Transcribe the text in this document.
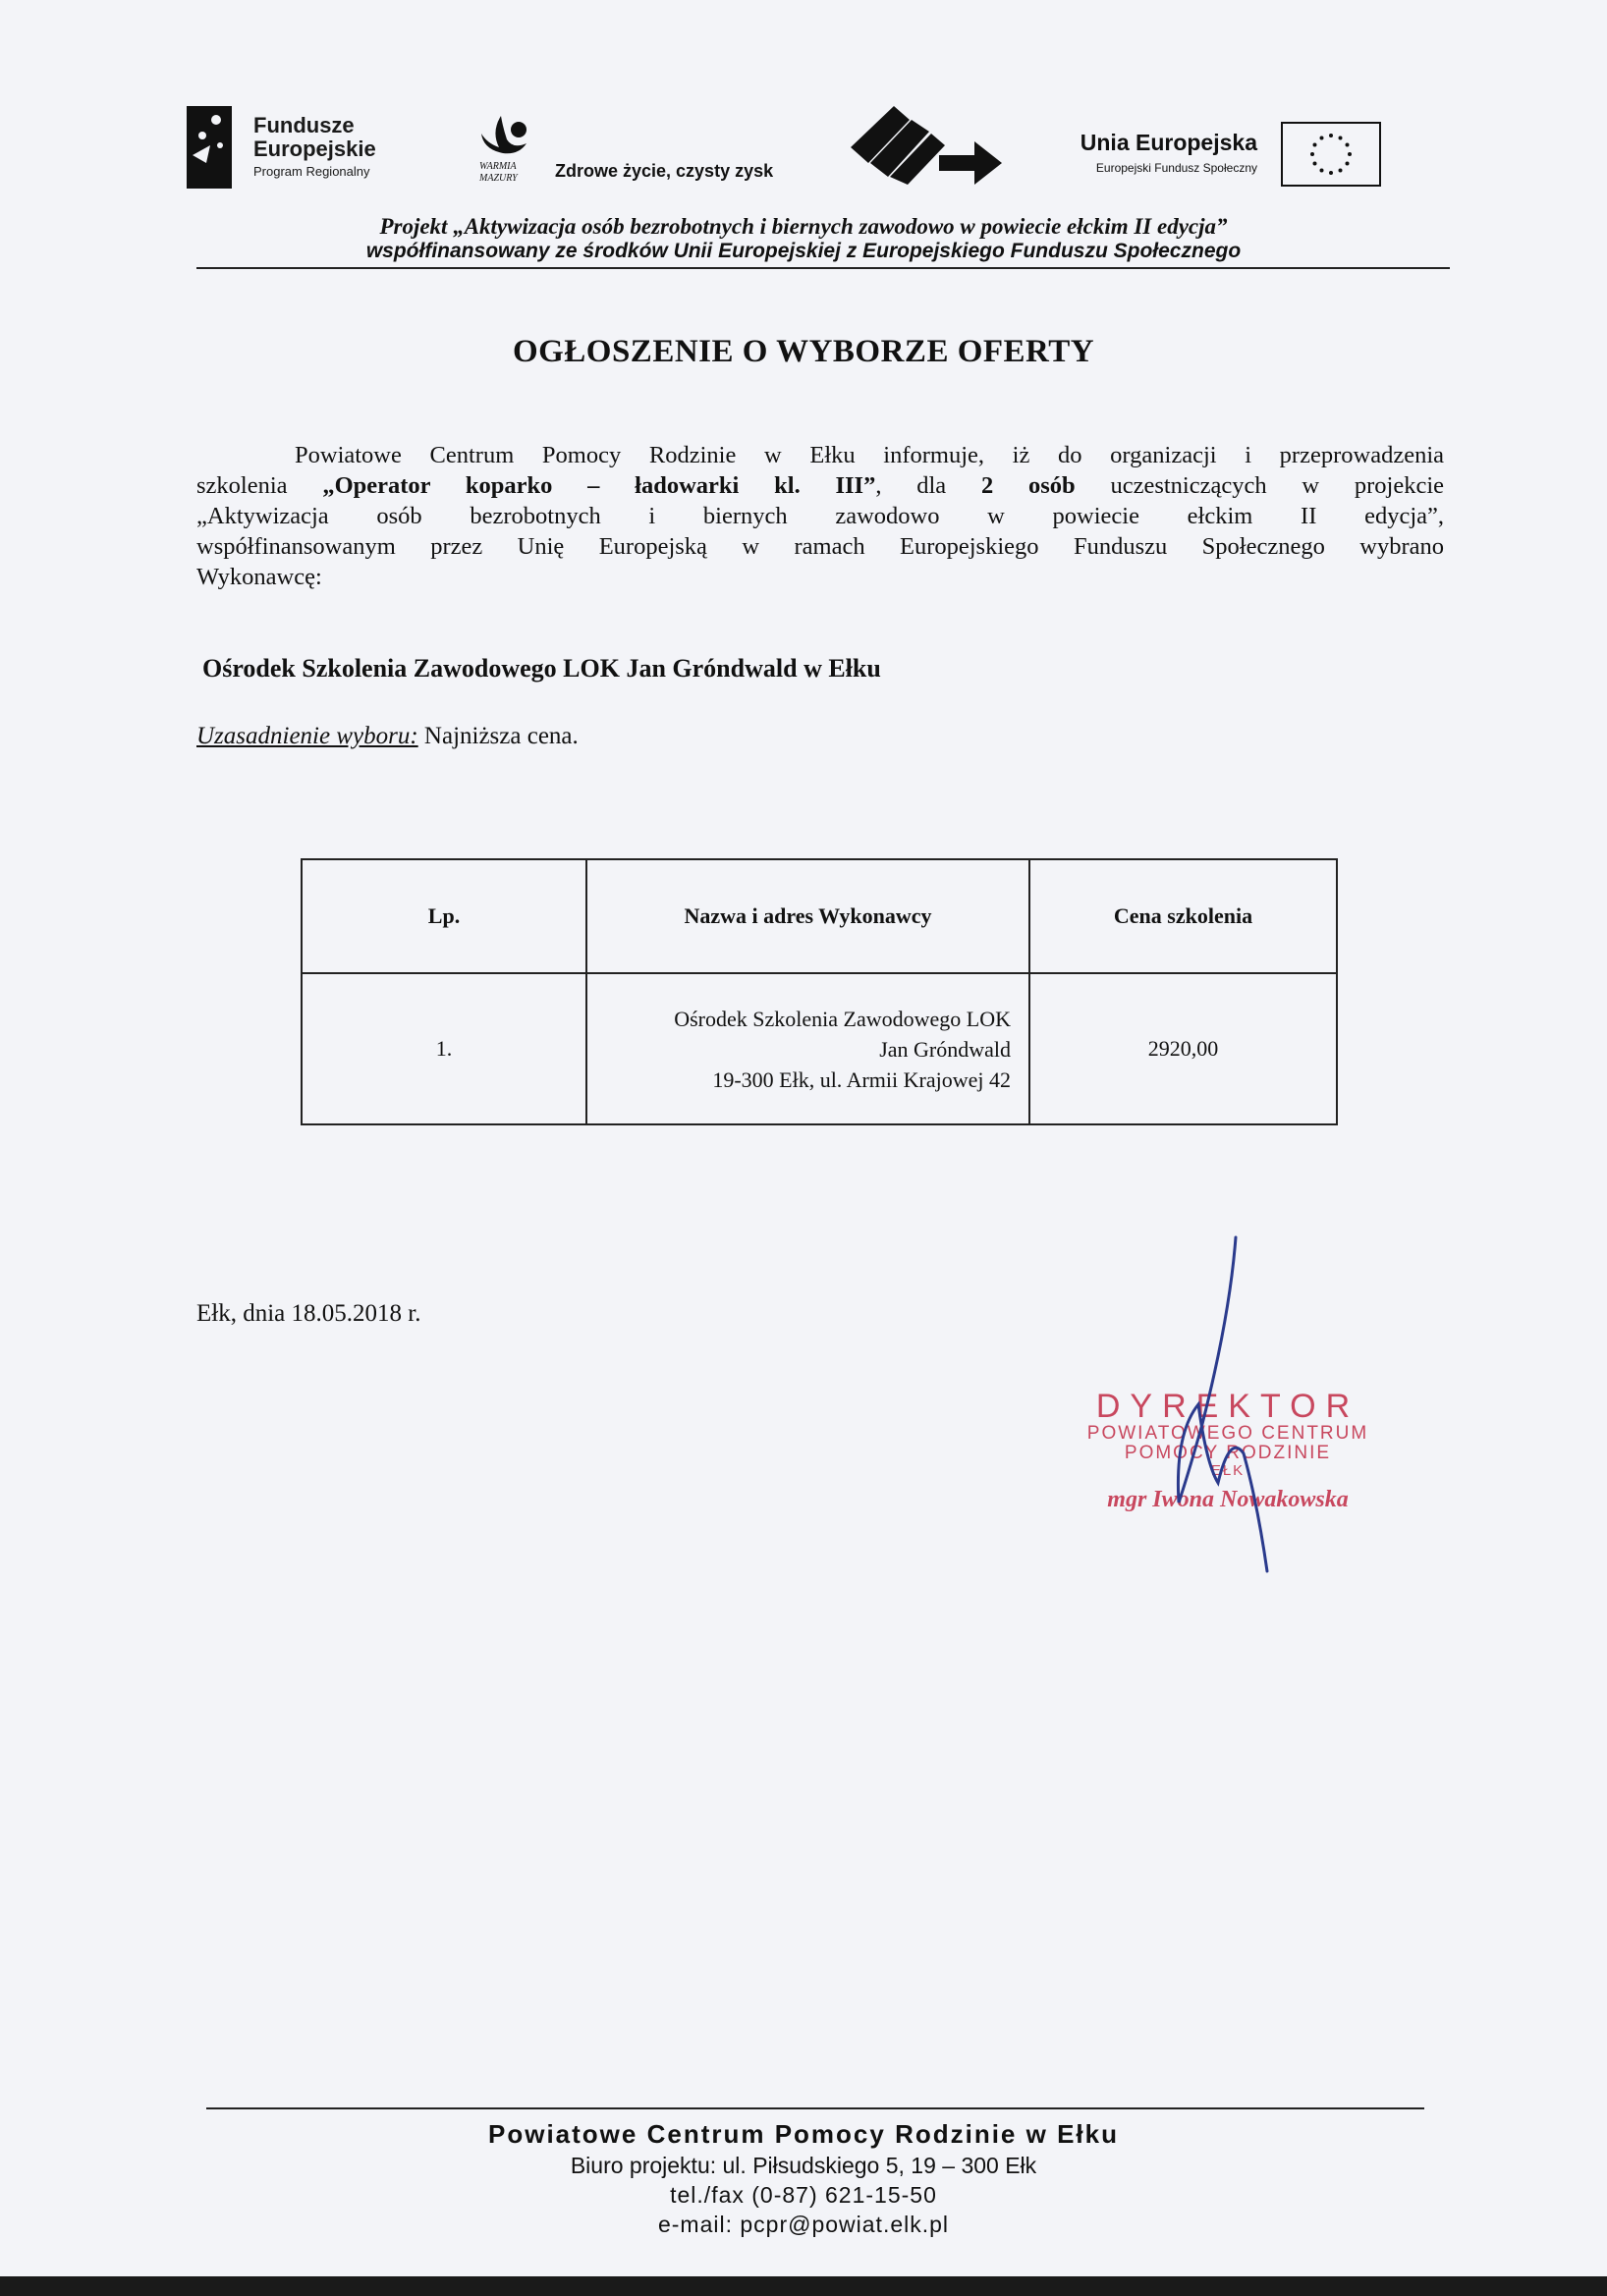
Fundusze
Europejskie
Program Regionalny	WARMIA
MAZURY Zdrowe życie, czysty zysk
Unia Europejska
Europejski Fundusz Społeczny
Projekt „Aktywizacja osób bezrobotnych i biernych zawodowo w powiecie ełckim II edycja”
współfinansowany ze środków Unii Europejskiej z Europejskiego Funduszu Społecznego
OGŁOSZENIE O WYBORZE OFERTY
Powiatowe Centrum Pomocy Rodzinie w Ełku informuje, iż do organizacji i przeprowadzenia
szkolenia „Operator koparko – ładowarki kl. III”, dla 2 osób uczestniczących w projekcie
„Aktywizacja osób bezrobotnych i biernych zawodowo w powiecie ełckim II edycja”,
współfinansowanym przez Unię Europejską w ramach Europejskiego Funduszu Społecznego wybrano
Wykonawcę:
Ośrodek Szkolenia Zawodowego LOK Jan Gróndwald w Ełku
Uzasadnienie wyboru: Najniższa cena.
Lp.	Nazwa i adres Wykonawcy	Cena szkolenia
1.	Ośrodek Szkolenia Zawodowego LOK
Jan Gróndwald
19-300 Ełk, ul. Armii Krajowej 42	2920,00
Ełk, dnia 18.05.2018 r.
DYREKTOR
POWIATOWEGO CENTRUM
POMOCY RODZINIE
EŁK
mgr Iwona Nowakowska
Powiatowe Centrum Pomocy Rodzinie w Ełku
Biuro projektu: ul. Piłsudskiego 5, 19 – 300 Ełk
tel./fax (0-87) 621-15-50
e-mail: pcpr@powiat.elk.pl
